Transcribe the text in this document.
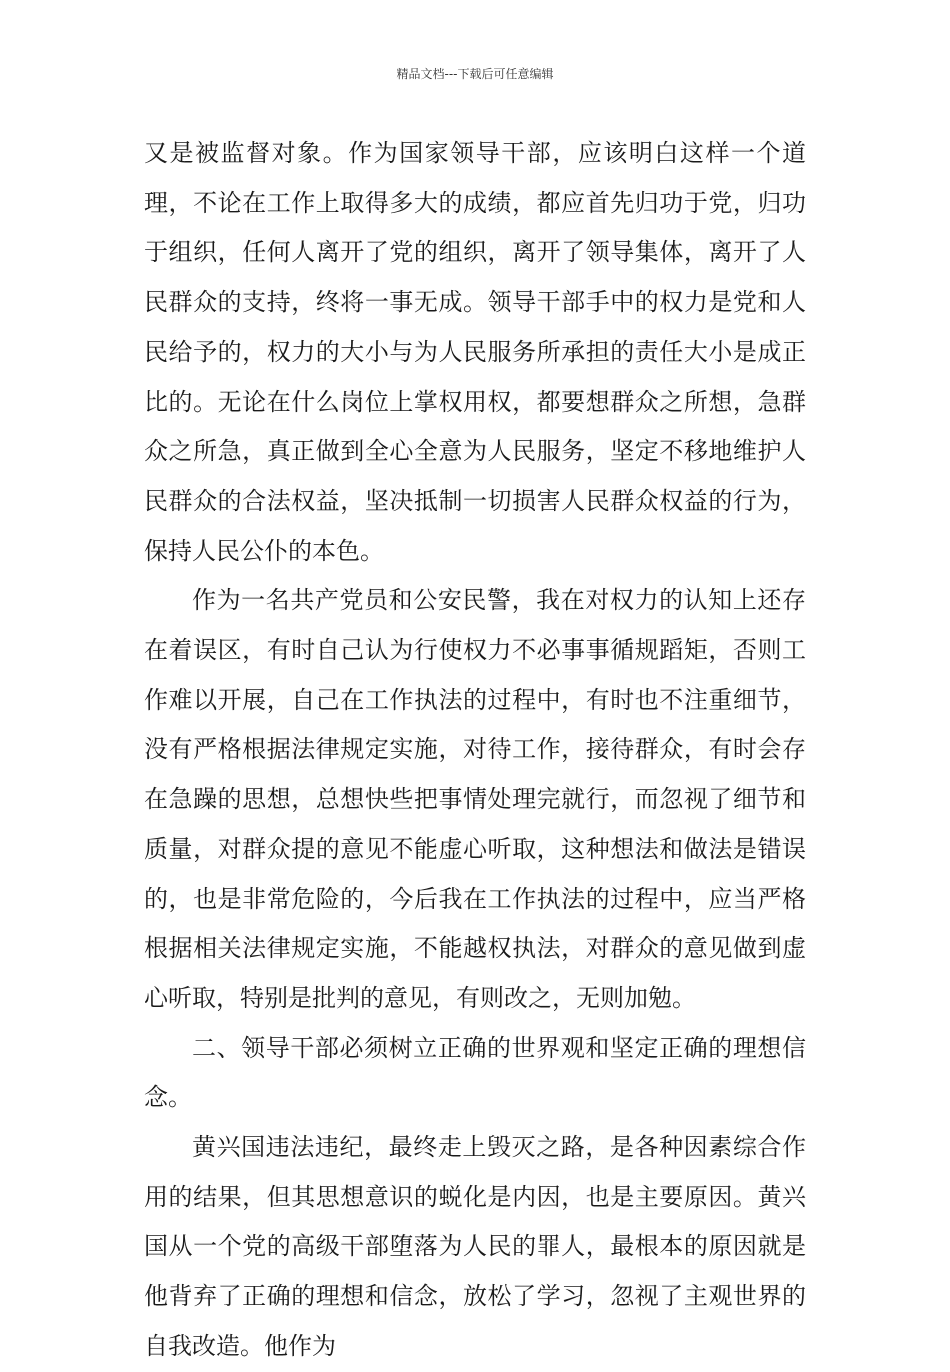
精品文档---下载后可任意编辑

又是被监督对象。作为国家领导干部，应该明白这样一个道理，不论在工作上取得多大的成绩，都应首先归功于党，归功于组织，任何人离开了党的组织，离开了领导集体，离开了人民群众的支持，终将一事无成。领导干部手中的权力是党和人民给予的，权力的大小与为人民服务所承担的责任大小是成正比的。无论在什么岗位上掌权用权，都要想群众之所想，急群众之所急，真正做到全心全意为人民服务，坚定不移地维护人民群众的合法权益，坚决抵制一切损害人民群众权益的行为，保持人民公仆的本色。

作为一名共产党员和公安民警，我在对权力的认知上还存在着误区，有时自己认为行使权力不必事事循规蹈矩，否则工作难以开展，自己在工作执法的过程中，有时也不注重细节，没有严格根据法律规定实施，对待工作，接待群众，有时会存在急躁的思想，总想快些把事情处理完就行，而忽视了细节和质量，对群众提的意见不能虚心听取，这种想法和做法是错误的，也是非常危险的，今后我在工作执法的过程中，应当严格根据相关法律规定实施，不能越权执法，对群众的意见做到虚心听取，特别是批判的意见，有则改之，无则加勉。

二、领导干部必须树立正确的世界观和坚定正确的理想信念。

黄兴国违法违纪，最终走上毁灭之路，是各种因素综合作用的结果，但其思想意识的蜕化是内因，也是主要原因。黄兴国从一个党的高级干部堕落为人民的罪人，最根本的原因就是他背弃了正确的理想和信念，放松了学习，忽视了主观世界的自我改造。他作为
